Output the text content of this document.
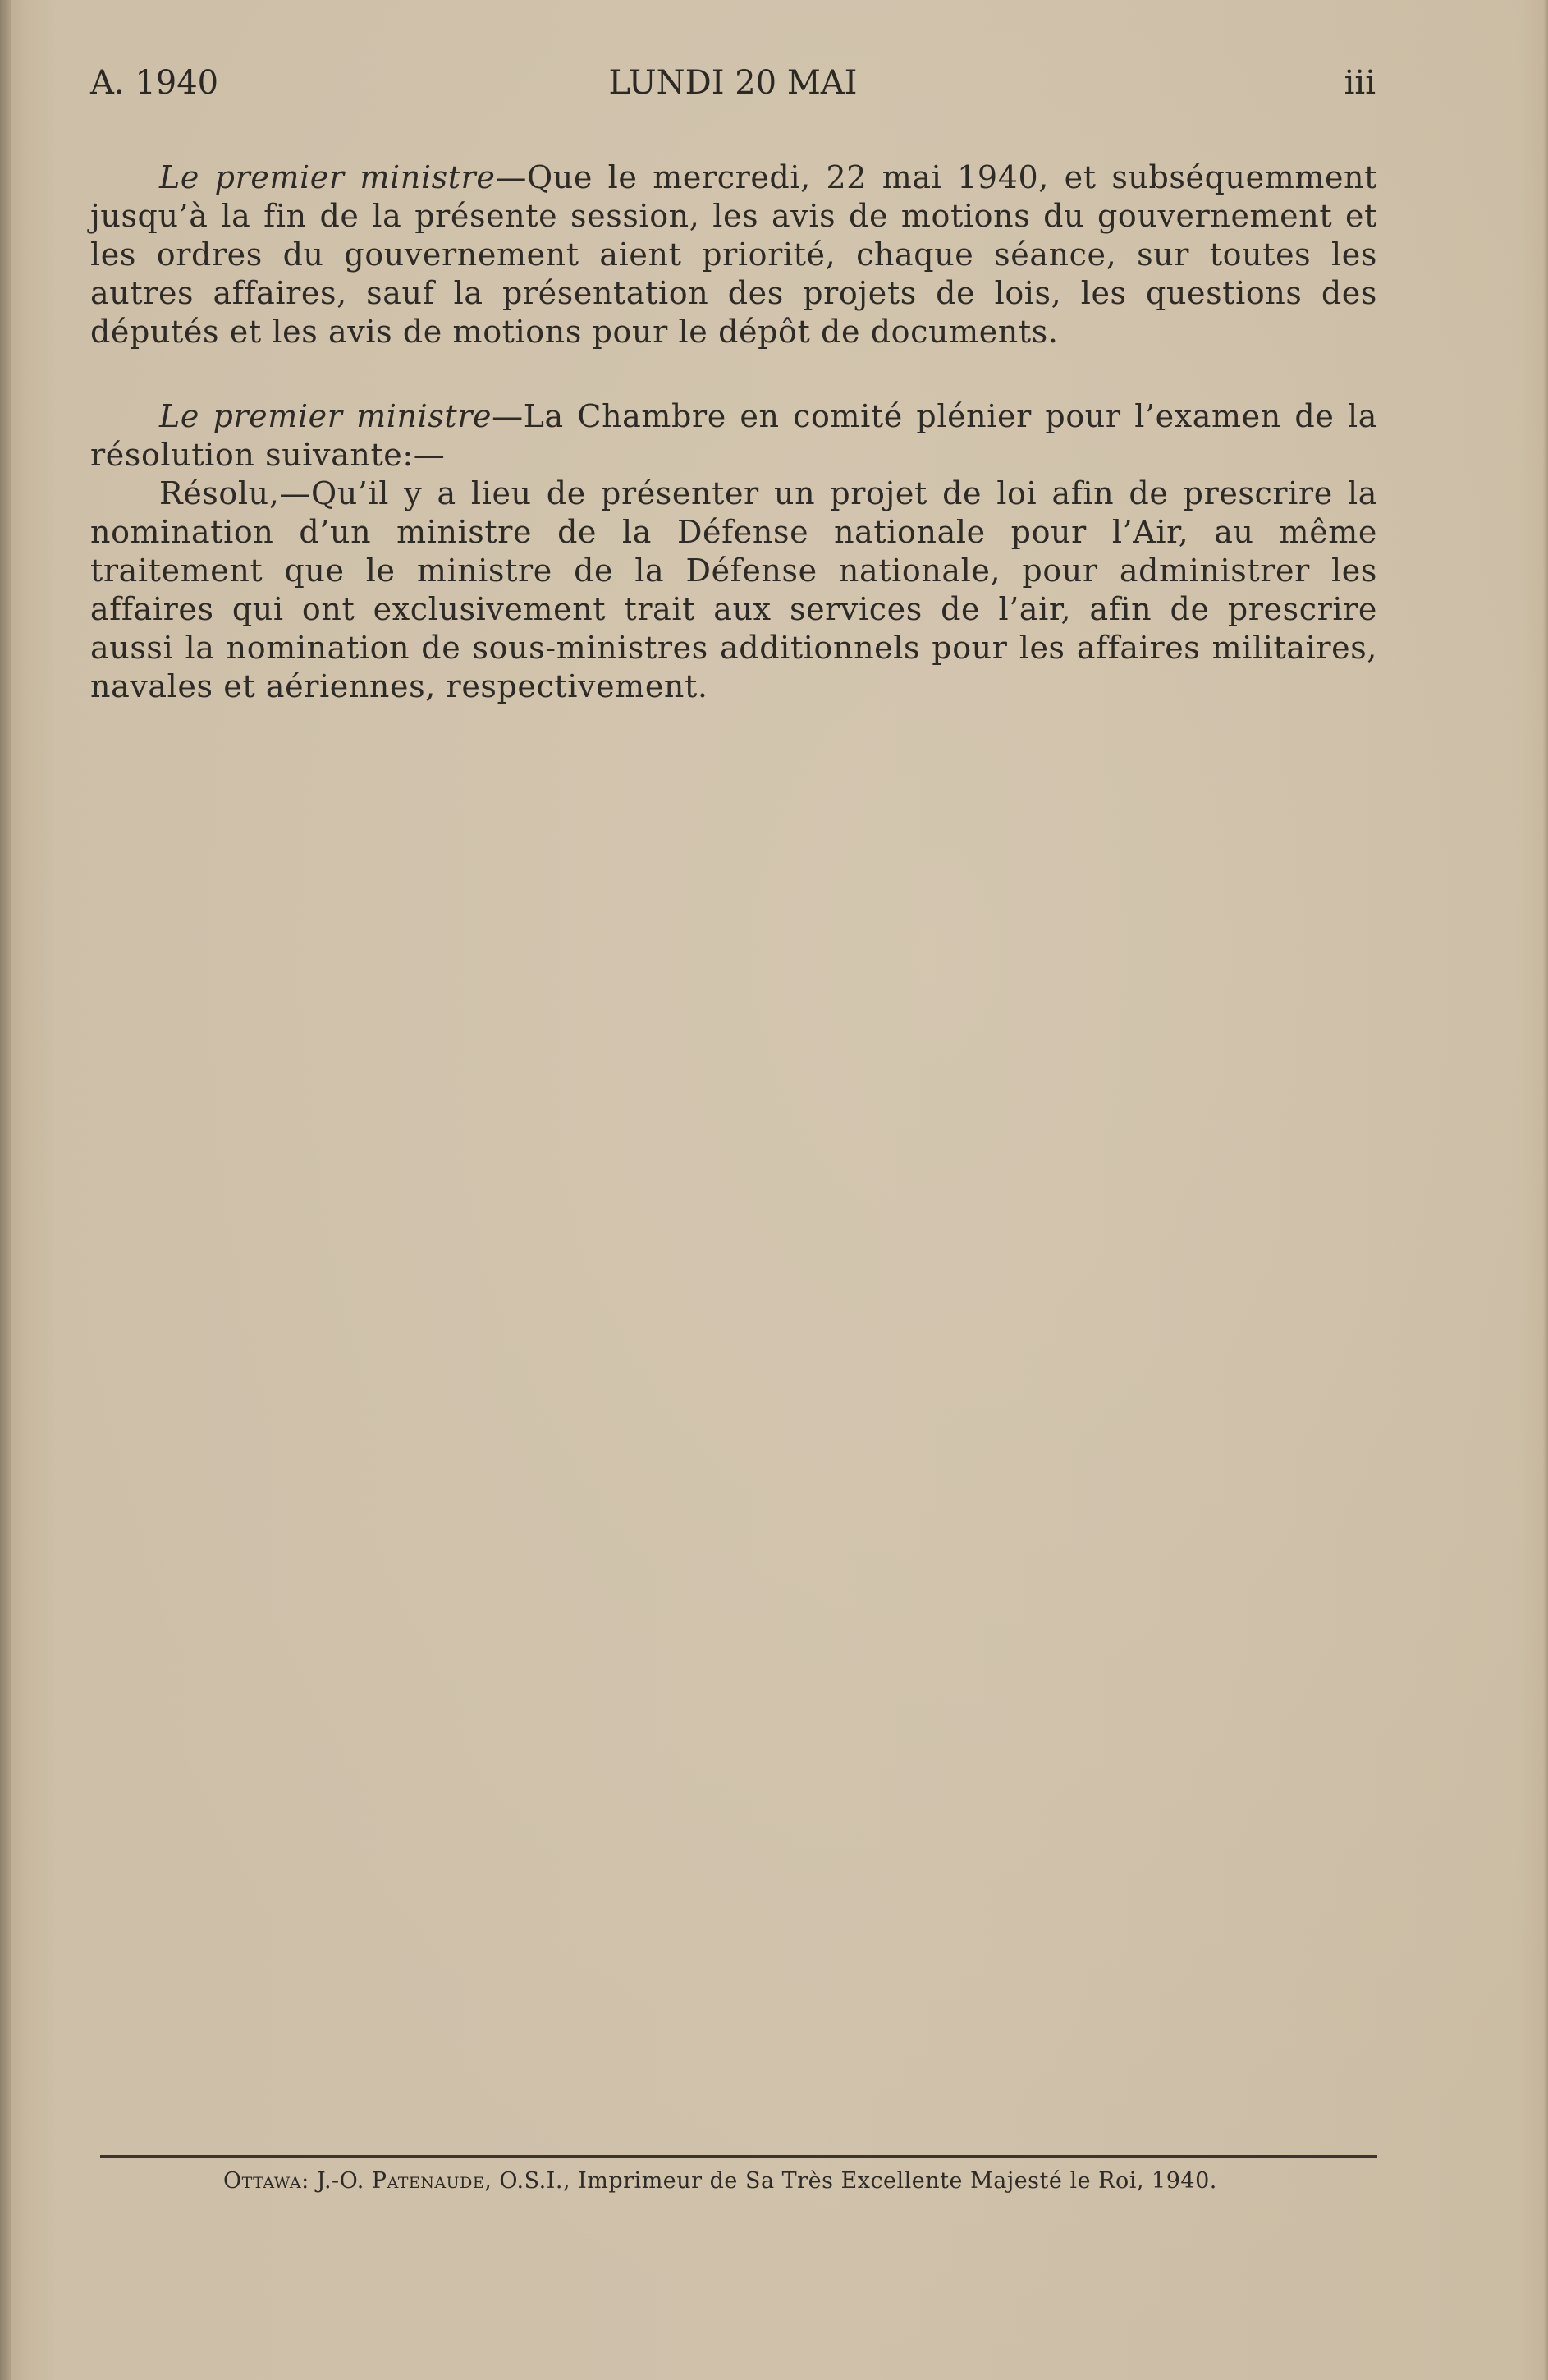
A. 1940	LUNDI 20 MAI	iii

Le premier ministre—Que le mercredi, 22 mai 1940, et subséquemment jusqu’à la fin de la présente session, les avis de motions du gouvernement et les ordres du gouvernement aient priorité, chaque séance, sur toutes les autres affaires, sauf la présentation des projets de lois, les questions des députés et les avis de motions pour le dépôt de documents.

Le premier ministre—La Chambre en comité plénier pour l’examen de la résolution suivante:—

Résolu,—Qu’il y a lieu de présenter un projet de loi afin de prescrire la nomination d’un ministre de la Défense nationale pour l’Air, au même traitement que le ministre de la Défense nationale, pour administrer les affaires qui ont exclusivement trait aux services de l’air, afin de prescrire aussi la nomination de sous-ministres additionnels pour les affaires militaires, navales et aériennes, respectivement.

Ottawa: J.-O. Patenaude, O.S.I., Imprimeur de Sa Très Excellente Majesté le Roi, 1940.
